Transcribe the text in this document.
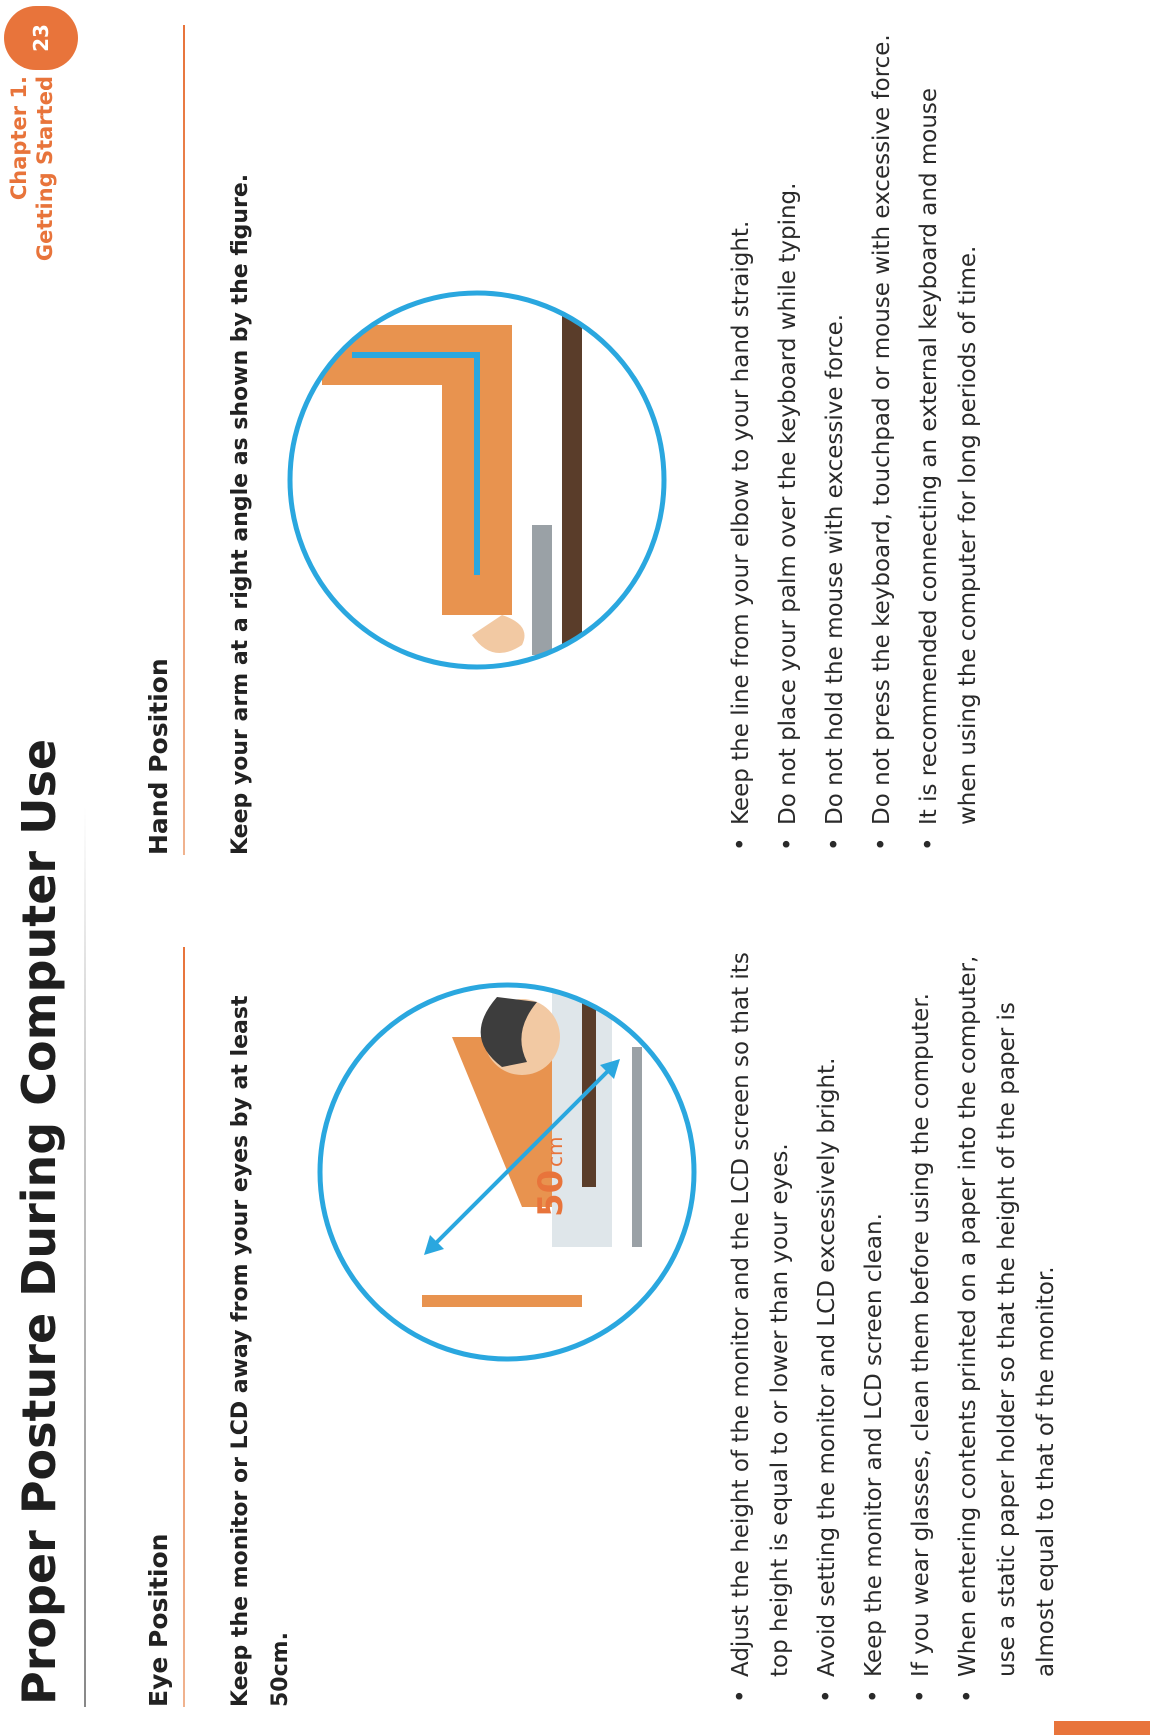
Proper Posture During Computer Use
Chapter 1. Getting Started
23
Eye Position	Keep the monitor or LCD away from your eyes by at least 50cm.
50
cm	• Adjust the height of the monitor and the LCD screen so that its top height is equal to or lower than your eyes. • Avoid setting the monitor and LCD excessively bright. • Keep the monitor and LCD screen clean. • If you wear glasses, clean them before using the computer. • When entering contents printed on a paper into the computer, use a static paper holder so that the height of the paper is almost equal to that of the monitor.
Hand Position	Keep your arm at a right angle as shown by the figure.	• Keep the line from your elbow to your hand straight. • Do not place your palm over the keyboard while typing. • Do not hold the mouse with excessive force. • Do not press the keyboard, touchpad or mouse with excessive force. • It is recommended connecting an external keyboard and mouse when using the computer for long periods of time.
